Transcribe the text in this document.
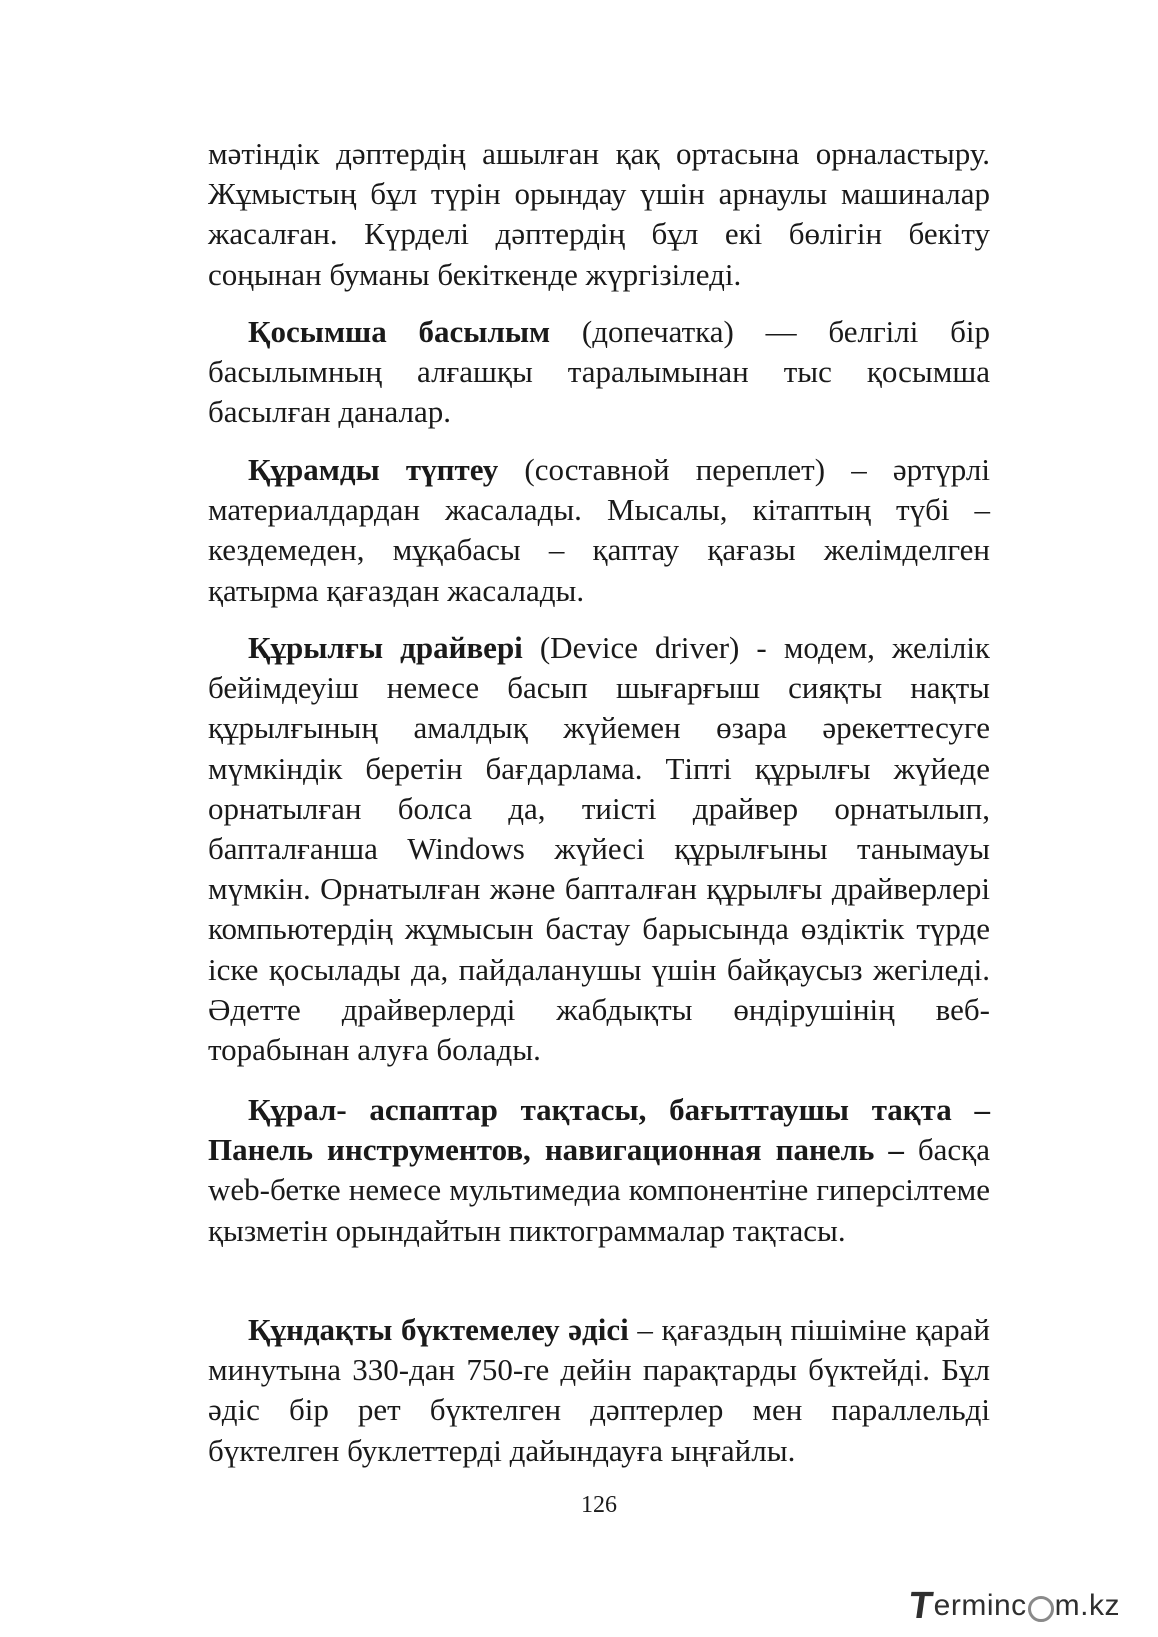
мәтіндік дәптердің ашылған қақ ортасына орналастыру. Жұмыстың бұл түрін орындау үшін арнаулы машиналар жасалған. Күрделі дәптердің бұл екі бөлігін бекіту соңынан буманы бекіткенде жүргізіледі.

Қосымша басылым (допечатка) — белгілі бір басылымның алғашқы таралымынан тыс қосымша басылған даналар.

Құрамды түптеу (составной переплет) – әртүрлі материалдардан жасалады. Мысалы, кітаптың түбі – кездемеден, мұқабасы – қаптау қағазы желімделген қатырма қағаздан жасалады.

Құрылғы драйвері (Device driver) - модем, желілік бейімдеуіш немесе басып шығарғыш сияқты нақты құрылғының амалдық жүйемен өзара әрекеттесуге мүмкіндік беретін бағдарлама. Тіпті құрылғы жүйеде орнатылған болса да, тиісті драйвер орнатылып, бапталғанша Windows жүйесі құрылғыны танымауы мүмкін. Орнатылған және бапталған құрылғы драйверлері компьютердің жұмысын бастау барысында өздіктік түрде іске қосылады да, пайдаланушы үшін байқаусыз жегіледі. Әдетте драйверлерді жабдықты өндірушінің веб-торабынан алуға болады.

Құрал- аспаптар тақтасы, бағыттаушы тақта – Панель инструментов, навигационная панель – басқа web-бетке немесе мультимедиа компонентіне гиперсілтеме қызметін орындайтын пиктограммалар тақтасы.

Құндақты бүктемелеу әдісі – қағаздың пішіміне қарай минутына 330-дан 750-ге дейін парақтарды бүктейді. Бұл әдіс бір рет бүктелген дәптерлер мен параллельді бүктелген буклеттерді дайындауға ыңғайлы.

126
T
erminc m.kz
